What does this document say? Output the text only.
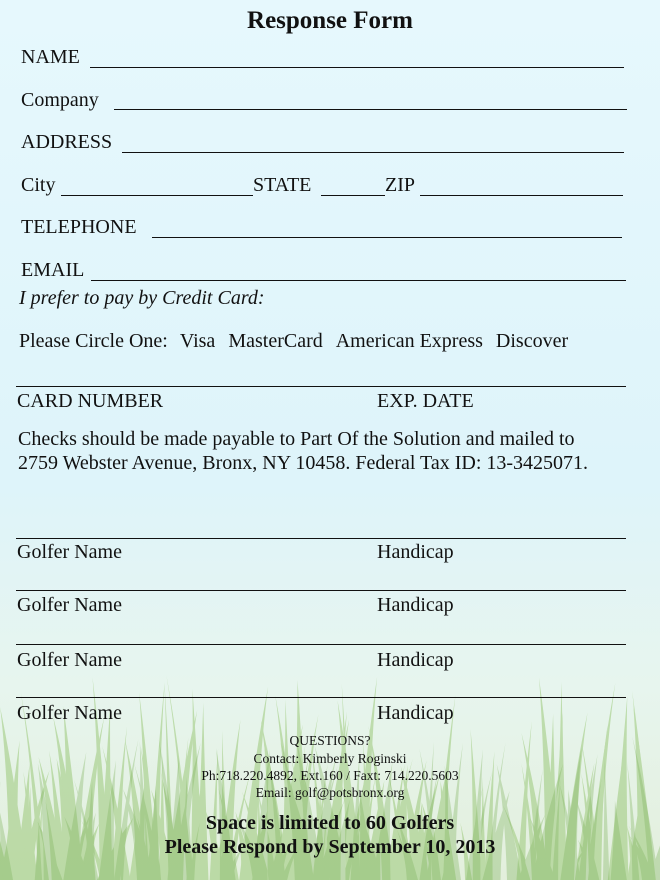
Response Form
NAME
Company
ADDRESS
City	STATE	ZIP
TELEPHONE
EMAIL
I prefer to pay by Credit Card:
Please Circle One: Visa MasterCard American Express Discover
CARD NUMBER	EXP. DATE
Checks should be made payable to Part Of the Solution and mailed to 2759 Webster Avenue, Bronx, NY 10458. Federal Tax ID: 13-3425071.
Golfer Name	Handicap
Golfer Name	Handicap
Golfer Name	Handicap
Golfer Name	Handicap
QUESTIONS?
Contact: Kimberly Roginski
Ph:718.220.4892, Ext.160 / Faxt: 714.220.5603
Email: golf@potsbronx.org
Space is limited to 60 Golfers
Please Respond by September 10, 2013
